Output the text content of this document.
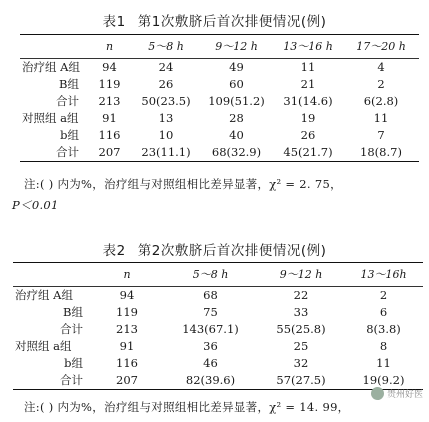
表1 第1次敷脐后首次排便情况(例)
	n	5～8 h	9～12 h	13～16 h	17～20 h
治疗组 A组	94	24	49	11	4
B组	119	26	60	21	2
合计	213	50(23.5)	109(51.2)	31(14.6)	6(2.8)
对照组 a组	91	13	28	19	11
b组	116	10	40	26	7
合计	207	23(11.1)	68(32.9)	45(21.7)	18(8.7)
注:( ) 内为%，治疗组与对照组相比差异显著，χ² = 2. 75，
P＜0.01
表2 第2次敷脐后首次排便情况(例)
	n	5～8 h	9～12 h	13～16h
治疗组 A组	94	68	22	2
B组	119	75	33	6
合计	213	143(67.1)	55(25.8)	8(3.8)
对照组 a组	91	36	25	8
b组	116	46	32	11
合计	207	82(39.6)	57(27.5)	19(9.2)
注:( ) 内为%，治疗组与对照组相比差异显著，χ² = 14. 99，
贵州好医
